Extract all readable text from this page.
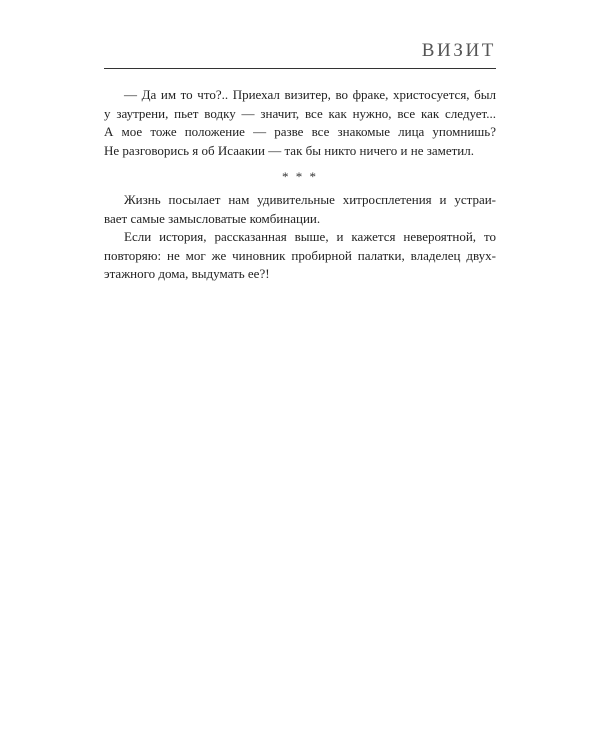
ВИЗИТ
— Да им то что?.. Приехал визитер, во фраке, христосуется, был
у заутрени, пьет водку — значит, все как нужно, все как следует...
А мое тоже положение — разве все знакомые лица упомнишь?
Не разговорись я об Исаакии — так бы никто ничего и не заметил.
* * *
Жизнь посылает нам удивительные хитросплетения и устраи-
вает самые замысловатые комбинации.
Если история, рассказанная выше, и кажется невероятной, то
повторяю: не мог же чиновник пробирной палатки, владелец двух-
этажного дома, выдумать ее?!
